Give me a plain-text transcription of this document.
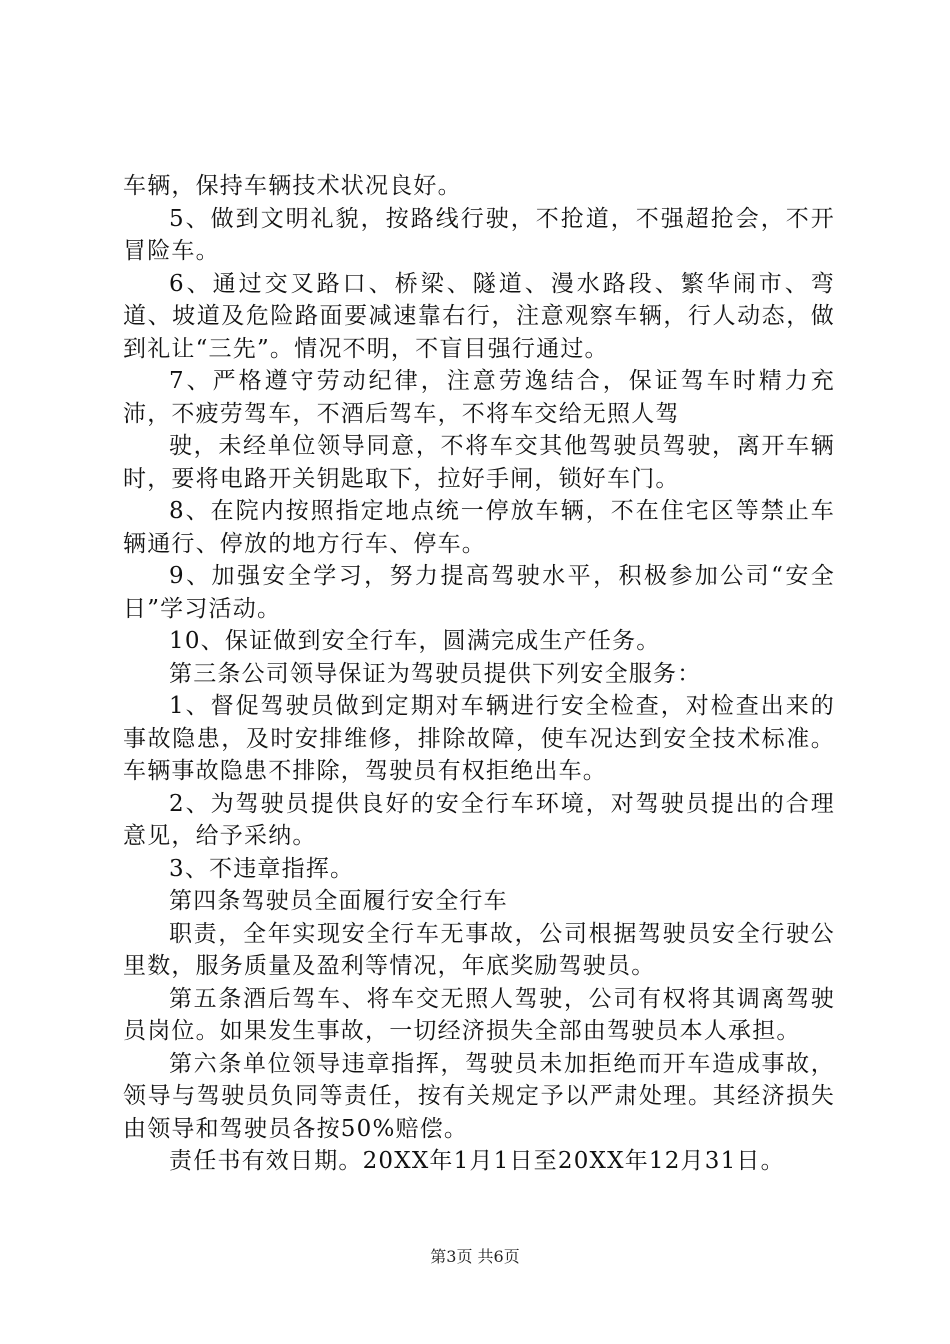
车辆，保持车辆技术状况良好。

5、做到文明礼貌，按路线行驶，不抢道，不强超抢会，不开冒险车。

6、通过交叉路口、桥梁、隧道、漫水路段、繁华闹市、弯道、坡道及危险路面要减速靠右行，注意观察车辆，行人动态，做到礼让“三先”。情况不明，不盲目强行通过。

7、严格遵守劳动纪律，注意劳逸结合，保证驾车时精力充沛，不疲劳驾车，不酒后驾车，不将车交给无照人驾

驶，未经单位领导同意，不将车交其他驾驶员驾驶，离开车辆时，要将电路开关钥匙取下，拉好手闸，锁好车门。

8、在院内按照指定地点统一停放车辆，不在住宅区等禁止车辆通行、停放的地方行车、停车。

9、加强安全学习，努力提高驾驶水平，积极参加公司“安全日”学习活动。

10、保证做到安全行车，圆满完成生产任务。

第三条公司领导保证为驾驶员提供下列安全服务：

1、督促驾驶员做到定期对车辆进行安全检查，对检查出来的事故隐患，及时安排维修，排除故障，使车况达到安全技术标准。车辆事故隐患不排除，驾驶员有权拒绝出车。

2、为驾驶员提供良好的安全行车环境，对驾驶员提出的合理意见，给予采纳。

3、不违章指挥。

第四条驾驶员全面履行安全行车

职责，全年实现安全行车无事故，公司根据驾驶员安全行驶公里数，服务质量及盈利等情况，年底奖励驾驶员。

第五条酒后驾车、将车交无照人驾驶，公司有权将其调离驾驶员岗位。如果发生事故，一切经济损失全部由驾驶员本人承担。

第六条单位领导违章指挥，驾驶员未加拒绝而开车造成事故，领导与驾驶员负同等责任，按有关规定予以严肃处理。其经济损失由领导和驾驶员各按50%赔偿。

责任书有效日期。20XX年1月1日至20XX年12月31日。

第3页 共6页
